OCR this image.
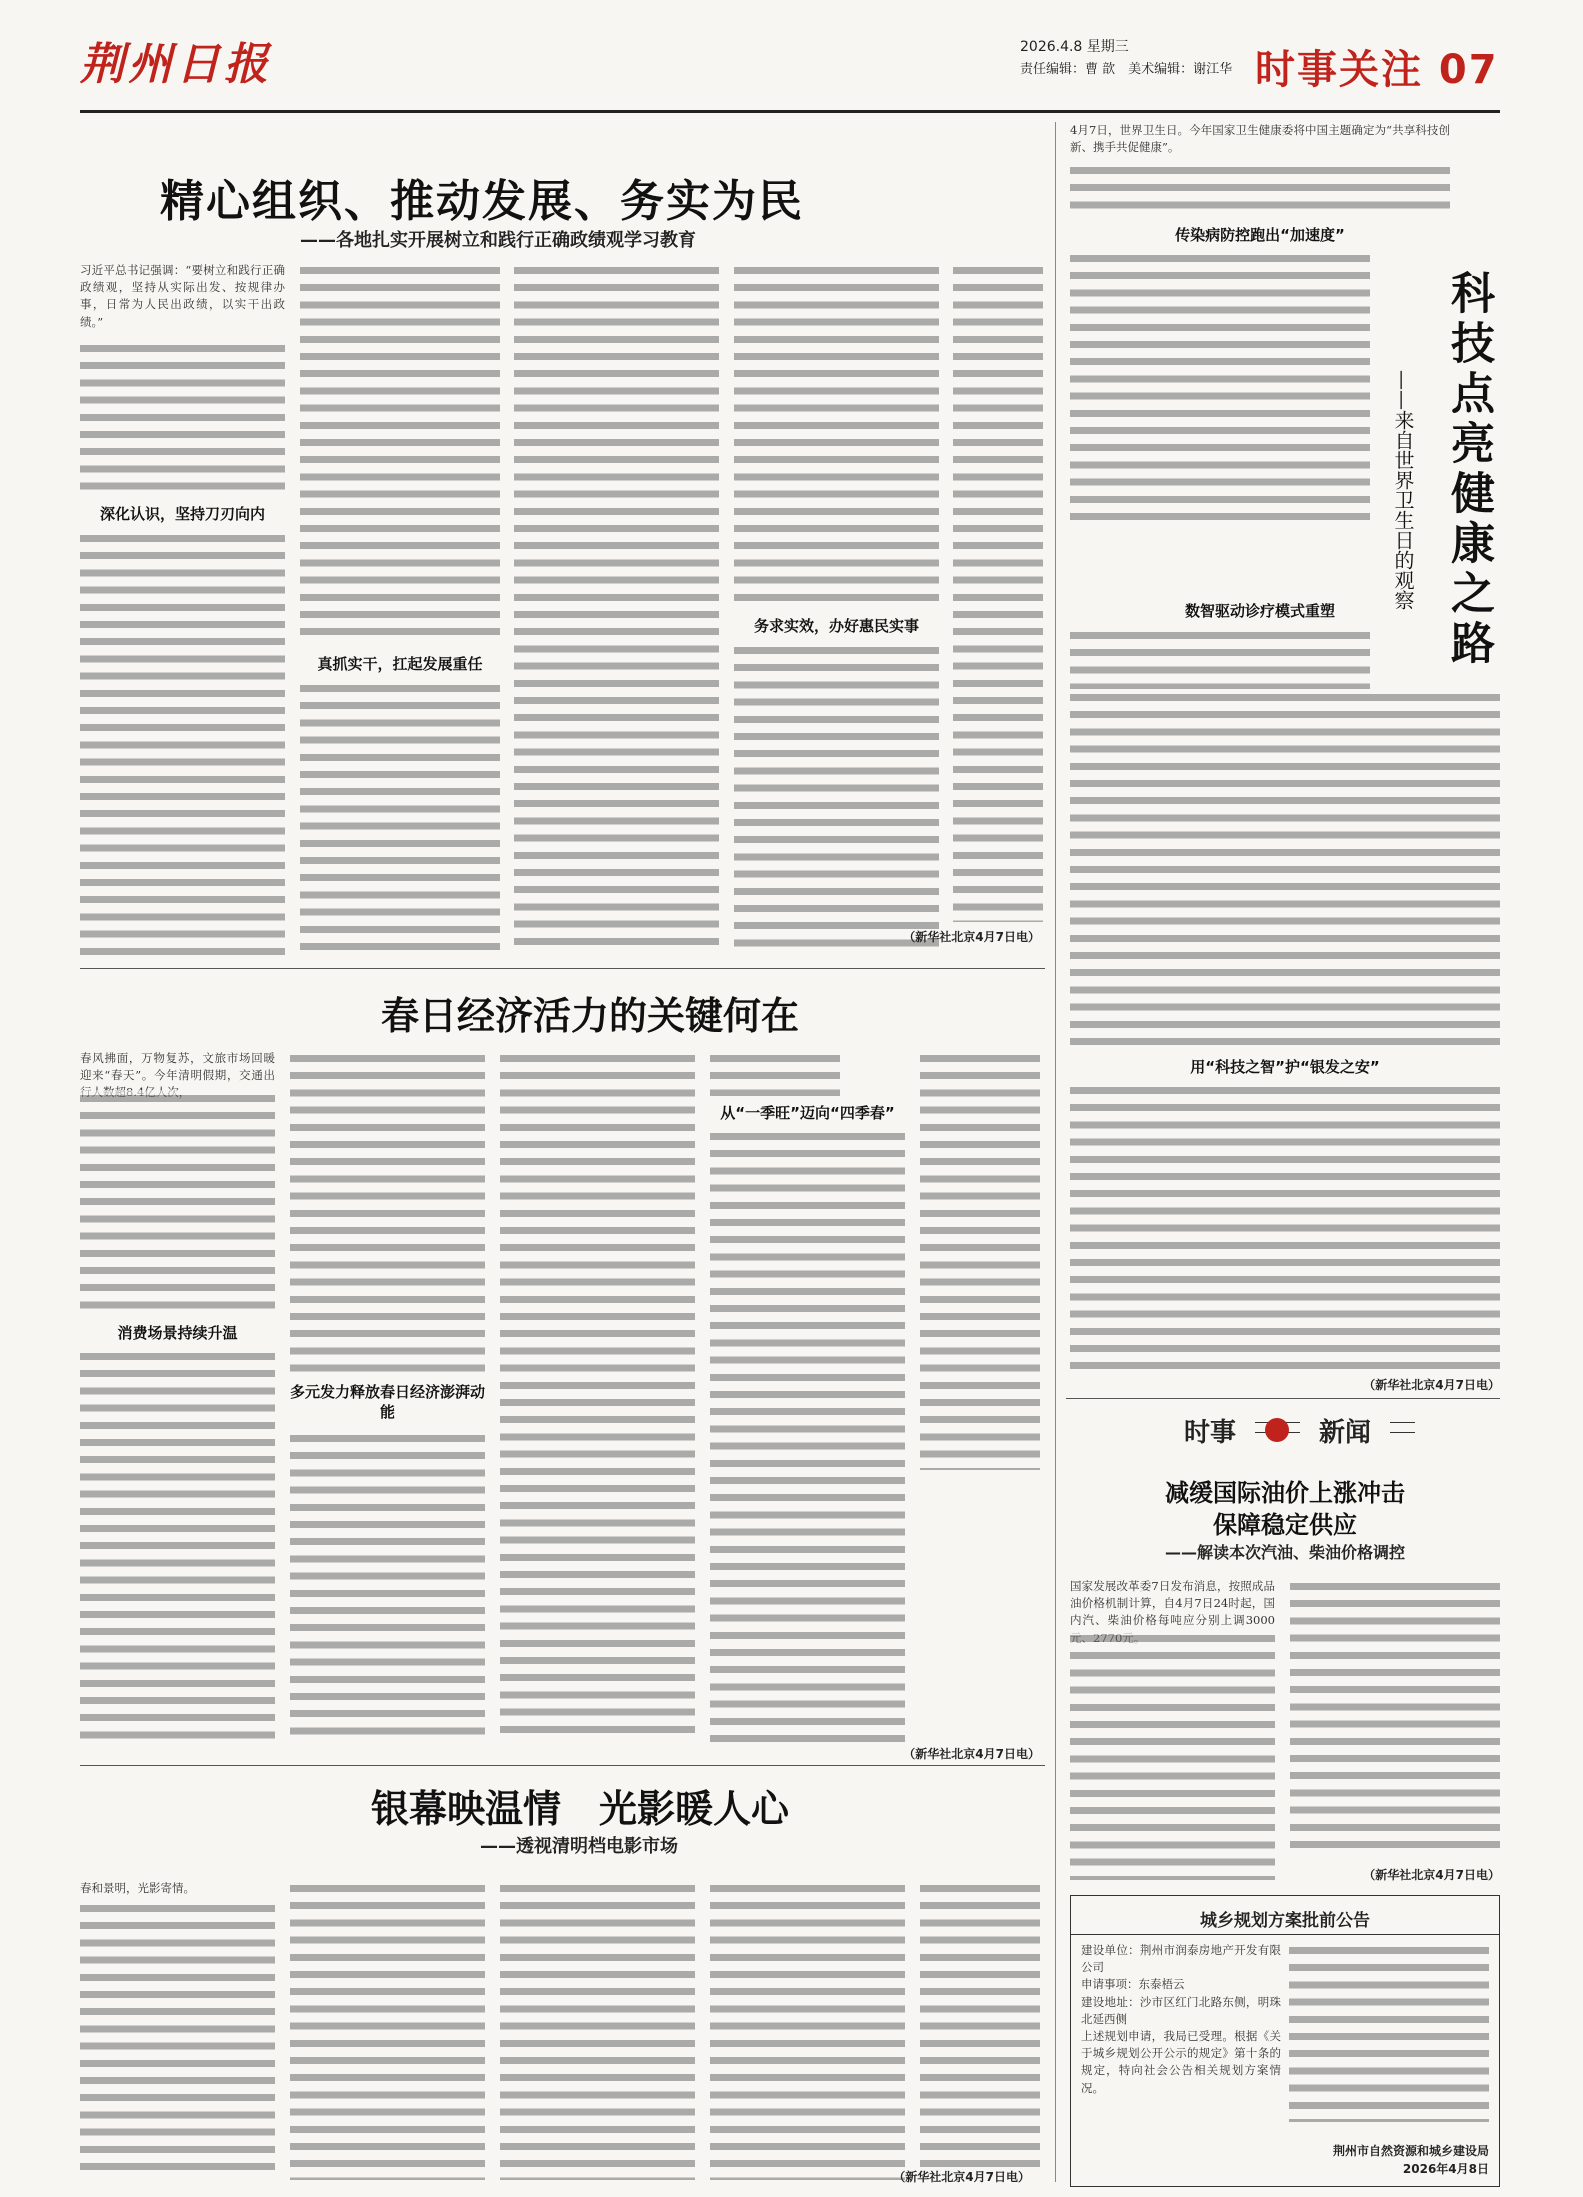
荆州日报	2026.4.8 星期三
责任编辑：曹 歆　美术编辑：谢江华 时事关注 07
精心组织、推动发展、务实为民
——各地扎实开展树立和践行正确政绩观学习教育
习近平总书记强调：“要树立和践行正确政绩观，坚持从实际出发、按规律办事，日常为人民出政绩，以实干出政绩。”
深化认识，坚持刀刃向内
真抓实干，扛起发展重任
务求实效，办好惠民实事
（新华社北京4月7日电）
春日经济活力的关键何在
春风拂面，万物复苏，文旅市场回暖迎来“春天”。今年清明假期，交通出
消费场景持续升温
多元发力释放春日经济澎湃动能
从“一季旺”迈向“四季春”
（新华社北京4月7日电）
银幕映温情　光影暖人心
——透视清明档电影市场
春和景明，光影寄情。
（新华社北京4月7日电）
4月7日，世界卫生日。今年国家卫生健康委将中国主题确定为“共享科技创新、携手共促健康”。
传染病防控跑出“加速度”
科技点亮健康之路
——来自世界卫生日的观察
数智驱动诊疗模式重塑
用“科技之智”护“银发之安”
（新华社北京4月7日电）
时事	新闻
减缓国际油价上涨冲击
保障稳定供应
——解读本次汽油、柴油价格调控
国家发展改革委7日发布消息，按照成品油价格机制计算，自4月7日24时起，国内汽、柴油价格每吨应分别上调3000
（新华社北京4月7日电）
城乡规划方案批前公告
建设单位：荆州市润泰房地产开发有限公司
申请事项：东泰梧云
建设地址：沙市区红门北路东侧，明珠北延西侧
上述规划申请，我局已受理。根据《关于城乡规划公开公示的规定》第十条的规定，特向社会公告相关规划方案情况。
荆州市自然资源和城乡建设局
2026年4月8日
